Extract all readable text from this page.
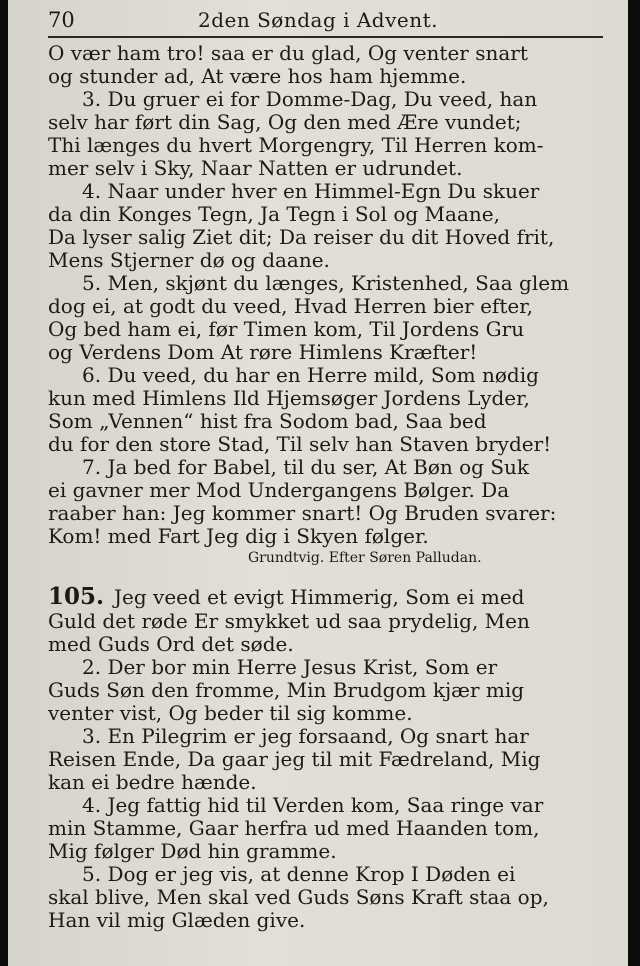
70	2den Søndag i Advent.
O vær ham tro! saa er du glad, Og venter snart
og stunder ad, At være hos ham hjemme.
3. Du gruer ei for Domme-Dag, Du veed, han
selv har ført din Sag, Og den med Ære vundet;
Thi længes du hvert Morgengry, Til Herren kom-
mer selv i Sky, Naar Natten er udrundet.
4. Naar under hver en Himmel-Egn Du skuer
da din Konges Tegn, Ja Tegn i Sol og Maane,
Da lyser salig Ziet dit; Da reiser du dit Hoved frit,
Mens Stjerner dø og daane.
5. Men, skjønt du længes, Kristenhed, Saa glem
dog ei, at godt du veed, Hvad Herren bier efter,
Og bed ham ei, før Timen kom, Til Jordens Gru
og Verdens Dom At røre Himlens Kræfter!
6. Du veed, du har en Herre mild, Som nødig
kun med Himlens Ild Hjemsøger Jordens Lyder,
Som „Vennen“ hist fra Sodom bad, Saa bed
du for den store Stad, Til selv han Staven bryder!
7. Ja bed for Babel, til du ser, At Bøn og Suk
ei gavner mer Mod Undergangens Bølger. Da
raaber han: Jeg kommer snart! Og Bruden svarer:
Kom! med Fart Jeg dig i Skyen følger.
Grundtvig. Efter Søren Palludan.
105. Jeg veed et evigt Himmerig, Som ei med
Guld det røde Er smykket ud saa prydelig, Men
med Guds Ord det søde.
2. Der bor min Herre Jesus Krist, Som er
Guds Søn den fromme, Min Brudgom kjær mig
venter vist, Og beder til sig komme.
3. En Pilegrim er jeg forsaand, Og snart har
Reisen Ende, Da gaar jeg til mit Fædreland, Mig
kan ei bedre hænde.
4. Jeg fattig hid til Verden kom, Saa ringe var
min Stamme, Gaar herfra ud med Haanden tom,
Mig følger Død hin gramme.
5. Dog er jeg vis, at denne Krop I Døden ei
skal blive, Men skal ved Guds Søns Kraft staa op,
Han vil mig Glæden give.
